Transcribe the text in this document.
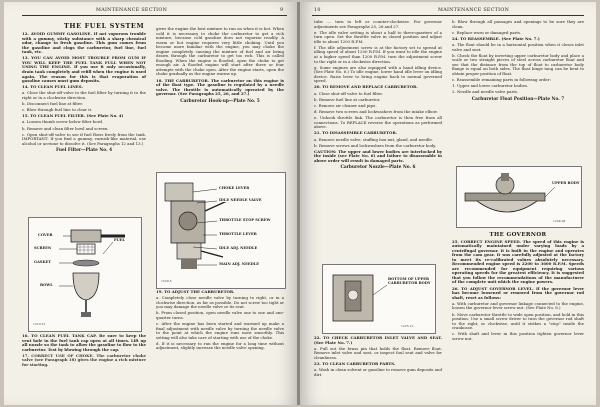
MAINTENANCE SECTION	9
THE FUEL SYSTEM

12. AVOID GUMMY GASOLINE. If not vaporous trouble with a gummy, sticky substance with a sharp chemical odor, change to fresh gasoline. This gum comes from the gasoline and clogs the carburetor, fuel line, fuel tank, etc.

13. YOU CAN AVOID MOST TROUBLE FROM GUM IF YOU WILL KEEP THE FUEL TANK FULL WHEN NOT USING THE ENGINE. If you use it only occasionally, drain tank completely and refill when the engine is used again. The reason for this is that evaporation of gasoline causes most gum deposits.

14. TO CLEAN FUEL LINES.

a. Close the shut-off valve to the fuel filter by turning it to the right or in a clockwise direction.

b. Disconnect fuel line at filter.

c. Blow through fuel line to clear it.

15. TO CLEAN FUEL FILTER. (See Plate No. 4)

a. Loosen thumb screw below filter bowl.

b. Remove and clean filter bowl and screen.

c. Open shut-off valve to see if fuel flows freely from the tank. IMPORTANT: If you find a gummy, varnish-like material, use alcohol or acetone to dissolve it. (See Paragraphs 12 and 13.)

Fuel Filter—Plate No. 4
COVER
SCREEN
GASKET
BOWL
FUEL
1219-51

16. TO CLEAN FUEL TANK CAP. Be sure to keep the vent hole in the fuel tank cap open at all times. Lift up all nozzle so the tank to allow the gasoline to flow to the carburetor. Test by blowing through the cap.

17. CORRECT USE OF CHOKE. The carburetor choke valve (see Paragraph 18) gives the engine a rich mixture for starting.

gives the engine the best mixture to run on when it is hot. When cold it is necessary to choke the carburetor to get a rich mixture, because cold gasoline does not vaporize readily. A warm or hot engine requires very little choking. Until you become more familiar with the engine, you may choke the engine completely causing the mixture of fuel and air being drawn through the carburetor to get too rich. This is called flooding. When the engine is flooded, open the choke to get enough air. A flooded engine will start after three or four attempts with the choke open. After the engine starts, open the choke gradually as the engine warms up.

18. THE CARBURETOR. The carburetor on this engine is of the float type. The gasoline is regulated by a needle valve. The throttle is automatically operated by the governor. (See Paragraphs 25, 26, and 27.)

Carburetor Hook-up—Plate No. 5
CHOKE LEVER
IDLE NEEDLE VALVE
THROTTLE STOP SCREW
THROTTLE LEVER
IDLE ADJ. NEEDLE
MAIN ADJ. NEEDLE
1520-5

19. TO ADJUST THE CARBURETOR.

a. Completely close needle valve by turning to right, or in a clockwise direction, as far as possible. Do not screw too tight or you may damage the needle valve or its seat.

b. From closed position, open needle valve one to one and one-quarter turns.

c. After the engine has been started and warmed up make a final adjustment with needle valve by turning the needle valve to the point at which the engine runs most smoothly. This setting will also take care of starting with use of the choke.

d. If it is necessary to run the engine for a long time without adjustment, slightly increase the needle valve opening.

10	MAINTENANCE SECTION

tube .... turn to left or counter-clockwise. For governor adjustments see Paragraphs 25, 26 and 27.

e. The idle valve setting is about a half to three-quarters of a turn open. Set the throttle valve in closed position and adjust idle to about 1200 R.P.M.

f. The idle adjustment screw is at the factory set to spread at idling speed of about 1200 R.P.M. If you want to idle the engine at a higher speed than 1200 R.P.M. turn the adjustment screw to the right or in a clockwise direction.

g. Some engines are also equipped with a hand idling device. (See Plate No. 6.) To idle engine, lower hand idle lever on idling device. Raise lever to bring engine back to normal governed speed.

20. TO REMOVE AND REPLACE CARBURETOR.

a. Close shut-off valve to fuel filter.

b. Remove fuel line at carburetor.

c. Remove air cleaner and pipe.

d. Remove two screws and lockwashers from the intake elbow.

e. Unhook throttle link. The carburetor is then free from all connections. To REPLACE reverse the operations as performed above.

21. TO DISASSEMBLE CARBURETOR.

a. Remove needle valve, stuffing box nut, gland, and needle.

b. Remove screws and lockwashers from the carburetor body.

CAUTION: The upper and lower bodies are interlocked by the inside (see Plate No. 6) and failure to disassemble in above order will result in damaged parts.

Carburetor Nozzle—Plate No. 6
BOTTOM OF UPPER CARBURETOR BODY
1225-12

22. TO CHECK CARBURETOR INLET VALVE AND SEAT. (See Plate No. 7.)

a. Pull out the brass pin that holds the float. Remove float. Remove inlet valve and seat, or inspect foul seat and valve for cleanliness.

23. TO CLEAN CARBURETOR PARTS.

a. Wash in clean solvent or gasoline to remove gum deposits and dirt.

b. Blow through all passages and openings to be sure they are clean.

c. Replace worn or damaged parts.

24. TO REASSEMBLE. (See Plate No. 7.)

a. The float should be in a horizontal position when it closes inlet valve and seat.

b. Check the float by inverting upper carburetor body and place a scale or two straight pieces of steel across carburetor float and see that the distance from the top of float to carburetor body flange is equal on both sides. The float hinge tang can be bent to obtain proper position of float.

c. Reassemble remaining parts in following order:

1. Upper and lower carburetor bodies.

2. Needle and needle valve parts.

Carburetor Float Position—Plate No. 7
UPPER BODY
1224-98
THE GOVERNOR

25. CORRECT ENGINE SPEED. The speed of this engine is automatically maintained under varying loads by a centrifugal governor. It is built in the engine and operates from the cam gear. It was carefully adjusted at the factory to meet its re-calibrated values absolutely necessary. Recommended engine speed is 2200 to 3600 R.P.M. Speeds are recommended for equipment requiring various operating speeds for the greatest efficiency. It is suggested that you follow the recommendations of the manufacturer of the complete unit which the engine powers.

26. TO ADJUST GOVERNOR LEVEL. If the governor lever has become loosened or removed from the governor rod shaft, reset as follows:

a. With carburetor and governor linkage connected to the engine, loosen the governor lever screw nut. (See Plate No. 8.)

b. Move carburetor throttle to wide open position, and hold in this position. Use a small screw driver to turn the governor rod shaft to the right, or clockwise, until it strikes a "stop" inside the crankcase.

c. With shaft and lever in this position tighten governor lever screw nut.
